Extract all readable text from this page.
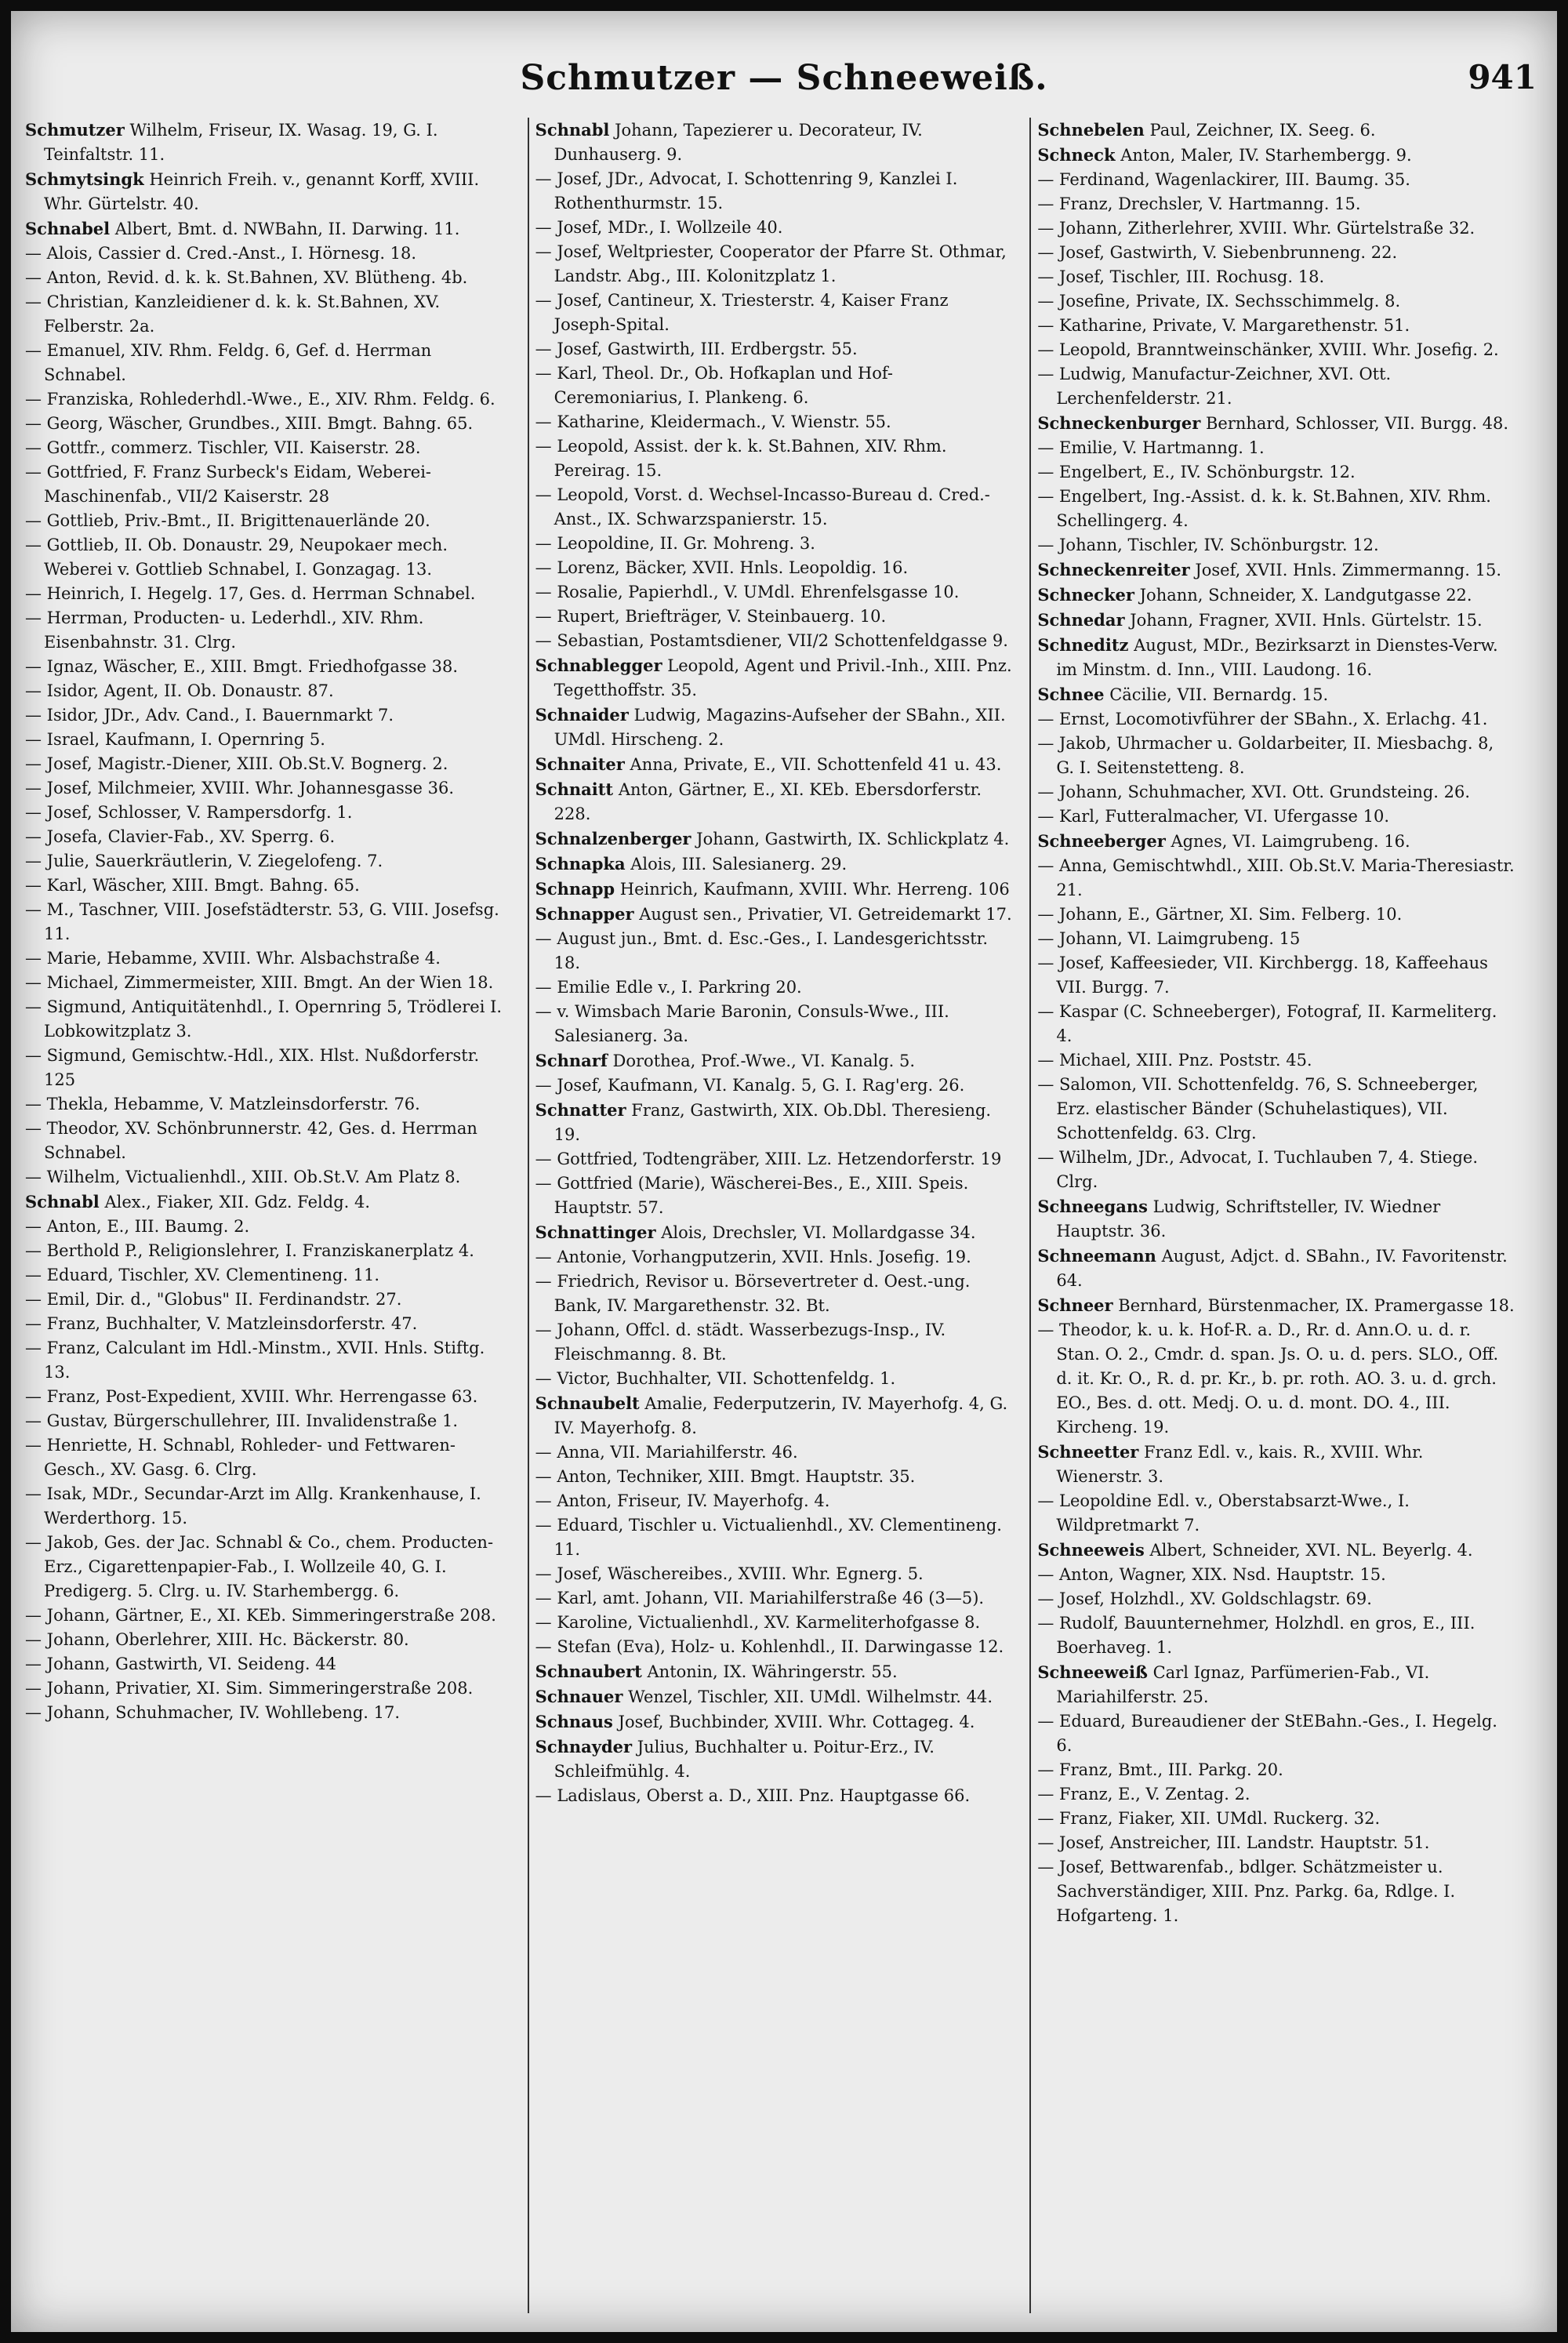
Schmutzer — Schneeweiß.	941

Schmutzer Wilhelm, Friseur, IX. Wasag. 19, G. I. Teinfaltstr. 11.

Schmytsingk Heinrich Freih. v., genannt Korff, XVIII. Whr. Gürtelstr. 40.

Schnabel Albert, Bmt. d. NWBahn, II. Darwing. 11.

— Alois, Cassier d. Cred.-Anst., I. Hörnesg. 18.

— Anton, Revid. d. k. k. St.Bahnen, XV. Blütheng. 4b.

— Christian, Kanzleidiener d. k. k. St.Bahnen, XV. Felberstr. 2a.

— Emanuel, XIV. Rhm. Feldg. 6, Gef. d. Herrman Schnabel.

— Franziska, Rohlederhdl.-Wwe., E., XIV. Rhm. Feldg. 6.

— Georg, Wäscher, Grundbes., XIII. Bmgt. Bahng. 65.

— Gottfr., commerz. Tischler, VII. Kaiserstr. 28.

— Gottfried, F. Franz Surbeck's Eidam, Weberei-Maschinenfab., VII/2 Kaiserstr. 28

— Gottlieb, Priv.-Bmt., II. Brigittenauerlände 20.

— Gottlieb, II. Ob. Donaustr. 29, Neupokaer mech. Weberei v. Gottlieb Schnabel, I. Gonzagag. 13.

— Heinrich, I. Hegelg. 17, Ges. d. Herrman Schnabel.

— Herrman, Producten- u. Lederhdl., XIV. Rhm. Eisenbahnstr. 31. Clrg.

— Ignaz, Wäscher, E., XIII. Bmgt. Friedhofgasse 38.

— Isidor, Agent, II. Ob. Donaustr. 87.

— Isidor, JDr., Adv. Cand., I. Bauernmarkt 7.

— Israel, Kaufmann, I. Opernring 5.

— Josef, Magistr.-Diener, XIII. Ob.St.V. Bognerg. 2.

— Josef, Milchmeier, XVIII. Whr. Johannesgasse 36.

— Josef, Schlosser, V. Rampersdorfg. 1.

— Josefa, Clavier-Fab., XV. Sperrg. 6.

— Julie, Sauerkräutlerin, V. Ziegelofeng. 7.

— Karl, Wäscher, XIII. Bmgt. Bahng. 65.

— M., Taschner, VIII. Josefstädterstr. 53, G. VIII. Josefsg. 11.

— Marie, Hebamme, XVIII. Whr. Alsbachstraße 4.

— Michael, Zimmermeister, XIII. Bmgt. An der Wien 18.

— Sigmund, Antiquitätenhdl., I. Opernring 5, Trödlerei I. Lobkowitzplatz 3.

— Sigmund, Gemischtw.-Hdl., XIX. Hlst. Nußdorferstr. 125

— Thekla, Hebamme, V. Matzleinsdorferstr. 76.

— Theodor, XV. Schönbrunnerstr. 42, Ges. d. Herrman Schnabel.

— Wilhelm, Victualienhdl., XIII. Ob.St.V. Am Platz 8.

Schnabl Alex., Fiaker, XII. Gdz. Feldg. 4.

— Anton, E., III. Baumg. 2.

— Berthold P., Religionslehrer, I. Franziskanerplatz 4.

— Eduard, Tischler, XV. Clementineng. 11.

— Emil, Dir. d., "Globus" II. Ferdinandstr. 27.

— Franz, Buchhalter, V. Matzleinsdorferstr. 47.

— Franz, Calculant im Hdl.-Minstm., XVII. Hnls. Stiftg. 13.

— Franz, Post-Expedient, XVIII. Whr. Herrengasse 63.

— Gustav, Bürgerschullehrer, III. Invalidenstraße 1.

— Henriette, H. Schnabl, Rohleder- und Fettwaren-Gesch., XV. Gasg. 6. Clrg.

— Isak, MDr., Secundar-Arzt im Allg. Krankenhause, I. Werderthorg. 15.

— Jakob, Ges. der Jac. Schnabl & Co., chem. Producten-Erz., Cigarettenpapier-Fab., I. Wollzeile 40, G. I. Predigerg. 5. Clrg. u. IV. Starhembergg. 6.

— Johann, Gärtner, E., XI. KEb. Simmeringerstraße 208.

— Johann, Oberlehrer, XIII. Hc. Bäckerstr. 80.

— Johann, Gastwirth, VI. Seideng. 44

— Johann, Privatier, XI. Sim. Simmeringerstraße 208.

— Johann, Schuhmacher, IV. Wohllebeng. 17.

Schnabl Johann, Tapezierer u. Decorateur, IV. Dunhauserg. 9.

— Josef, JDr., Advocat, I. Schottenring 9, Kanzlei I. Rothenthurmstr. 15.

— Josef, MDr., I. Wollzeile 40.

— Josef, Weltpriester, Cooperator der Pfarre St. Othmar, Landstr. Abg., III. Kolonitzplatz 1.

— Josef, Cantineur, X. Triesterstr. 4, Kaiser Franz Joseph-Spital.

— Josef, Gastwirth, III. Erdbergstr. 55.

— Karl, Theol. Dr., Ob. Hofkaplan und Hof-Ceremoniarius, I. Plankeng. 6.

— Katharine, Kleidermach., V. Wienstr. 55.

— Leopold, Assist. der k. k. St.Bahnen, XIV. Rhm. Pereirag. 15.

— Leopold, Vorst. d. Wechsel-Incasso-Bureau d. Cred.-Anst., IX. Schwarzspanierstr. 15.

— Leopoldine, II. Gr. Mohreng. 3.

— Lorenz, Bäcker, XVII. Hnls. Leopoldig. 16.

— Rosalie, Papierhdl., V. UMdl. Ehrenfelsgasse 10.

— Rupert, Briefträger, V. Steinbauerg. 10.

— Sebastian, Postamtsdiener, VII/2 Schottenfeldgasse 9.

Schnablegger Leopold, Agent und Privil.-Inh., XIII. Pnz. Tegetthoffstr. 35.

Schnaider Ludwig, Magazins-Aufseher der SBahn., XII. UMdl. Hirscheng. 2.

Schnaiter Anna, Private, E., VII. Schottenfeld 41 u. 43.

Schnaitt Anton, Gärtner, E., XI. KEb. Ebersdorferstr. 228.

Schnalzenberger Johann, Gastwirth, IX. Schlickplatz 4.

Schnapka Alois, III. Salesianerg. 29.

Schnapp Heinrich, Kaufmann, XVIII. Whr. Herreng. 106

Schnapper August sen., Privatier, VI. Getreidemarkt 17.

— August jun., Bmt. d. Esc.-Ges., I. Landesgerichtsstr. 18.

— Emilie Edle v., I. Parkring 20.

— v. Wimsbach Marie Baronin, Consuls-Wwe., III. Salesianerg. 3a.

Schnarf Dorothea, Prof.-Wwe., VI. Kanalg. 5.

— Josef, Kaufmann, VI. Kanalg. 5, G. I. Rag'erg. 26.

Schnatter Franz, Gastwirth, XIX. Ob.Dbl. Theresieng. 19.

— Gottfried, Todtengräber, XIII. Lz. Hetzendorferstr. 19

— Gottfried (Marie), Wäscherei-Bes., E., XIII. Speis. Hauptstr. 57.

Schnattinger Alois, Drechsler, VI. Mollardgasse 34.

— Antonie, Vorhangputzerin, XVII. Hnls. Josefig. 19.

— Friedrich, Revisor u. Börsevertreter d. Oest.-ung. Bank, IV. Margarethenstr. 32. Bt.

— Johann, Offcl. d. städt. Wasserbezugs-Insp., IV. Fleischmanng. 8. Bt.

— Victor, Buchhalter, VII. Schottenfeldg. 1.

Schnaubelt Amalie, Federputzerin, IV. Mayerhofg. 4, G. IV. Mayerhofg. 8.

— Anna, VII. Mariahilferstr. 46.

— Anton, Techniker, XIII. Bmgt. Hauptstr. 35.

— Anton, Friseur, IV. Mayerhofg. 4.

— Eduard, Tischler u. Victualienhdl., XV. Clementineng. 11.

— Josef, Wäschereibes., XVIII. Whr. Egnerg. 5.

— Karl, amt. Johann, VII. Mariahilferstraße 46 (3—5).

— Karoline, Victualienhdl., XV. Karmeliterhofgasse 8.

— Stefan (Eva), Holz- u. Kohlenhdl., II. Darwingasse 12.

Schnaubert Antonin, IX. Währingerstr. 55.

Schnauer Wenzel, Tischler, XII. UMdl. Wilhelmstr. 44.

Schnaus Josef, Buchbinder, XVIII. Whr. Cottageg. 4.

Schnayder Julius, Buchhalter u. Poitur-Erz., IV. Schleifmühlg. 4.

— Ladislaus, Oberst a. D., XIII. Pnz. Hauptgasse 66.

Schnebelen Paul, Zeichner, IX. Seeg. 6.

Schneck Anton, Maler, IV. Starhembergg. 9.

— Ferdinand, Wagenlackirer, III. Baumg. 35.

— Franz, Drechsler, V. Hartmanng. 15.

— Johann, Zitherlehrer, XVIII. Whr. Gürtelstraße 32.

— Josef, Gastwirth, V. Siebenbrunneng. 22.

— Josef, Tischler, III. Rochusg. 18.

— Josefine, Private, IX. Sechsschimmelg. 8.

— Katharine, Private, V. Margarethenstr. 51.

— Leopold, Branntweinschänker, XVIII. Whr. Josefig. 2.

— Ludwig, Manufactur-Zeichner, XVI. Ott. Lerchenfelderstr. 21.

Schneckenburger Bernhard, Schlosser, VII. Burgg. 48.

— Emilie, V. Hartmanng. 1.

— Engelbert, E., IV. Schönburgstr. 12.

— Engelbert, Ing.-Assist. d. k. k. St.Bahnen, XIV. Rhm. Schellingerg. 4.

— Johann, Tischler, IV. Schönburgstr. 12.

Schneckenreiter Josef, XVII. Hnls. Zimmermanng. 15.

Schnecker Johann, Schneider, X. Landgutgasse 22.

Schnedar Johann, Fragner, XVII. Hnls. Gürtelstr. 15.

Schneditz August, MDr., Bezirksarzt in Dienstes-Verw. im Minstm. d. Inn., VIII. Laudong. 16.

Schnee Cäcilie, VII. Bernardg. 15.

— Ernst, Locomotivführer der SBahn., X. Erlachg. 41.

— Jakob, Uhrmacher u. Goldarbeiter, II. Miesbachg. 8, G. I. Seitenstetteng. 8.

— Johann, Schuhmacher, XVI. Ott. Grundsteing. 26.

— Karl, Futteralmacher, VI. Ufergasse 10.

Schneeberger Agnes, VI. Laimgrubeng. 16.

— Anna, Gemischtwhdl., XIII. Ob.St.V. Maria-Theresiastr. 21.

— Johann, E., Gärtner, XI. Sim. Felberg. 10.

— Johann, VI. Laimgrubeng. 15

— Josef, Kaffeesieder, VII. Kirchbergg. 18, Kaffeehaus VII. Burgg. 7.

— Kaspar (C. Schneeberger), Fotograf, II. Karmeliterg. 4.

— Michael, XIII. Pnz. Poststr. 45.

— Salomon, VII. Schottenfeldg. 76, S. Schneeberger, Erz. elastischer Bänder (Schuhelastiques), VII. Schottenfeldg. 63. Clrg.

— Wilhelm, JDr., Advocat, I. Tuchlauben 7, 4. Stiege. Clrg.

Schneegans Ludwig, Schriftsteller, IV. Wiedner Hauptstr. 36.

Schneemann August, Adjct. d. SBahn., IV. Favoritenstr. 64.

Schneer Bernhard, Bürstenmacher, IX. Pramergasse 18.

— Theodor, k. u. k. Hof-R. a. D., Rr. d. Ann.O. u. d. r. Stan. O. 2., Cmdr. d. span. Js. O. u. d. pers. SLO., Off. d. it. Kr. O., R. d. pr. Kr., b. pr. roth. AO. 3. u. d. grch. EO., Bes. d. ott. Medj. O. u. d. mont. DO. 4., III. Kircheng. 19.

Schneetter Franz Edl. v., kais. R., XVIII. Whr. Wienerstr. 3.

— Leopoldine Edl. v., Oberstabsarzt-Wwe., I. Wildpretmarkt 7.

Schneeweis Albert, Schneider, XVI. NL. Beyerlg. 4.

— Anton, Wagner, XIX. Nsd. Hauptstr. 15.

— Josef, Holzhdl., XV. Goldschlagstr. 69.

— Rudolf, Bauunternehmer, Holzhdl. en gros, E., III. Boerhaveg. 1.

Schneeweiß Carl Ignaz, Parfümerien-Fab., VI. Mariahilferstr. 25.

— Eduard, Bureaudiener der StEBahn.-Ges., I. Hegelg. 6.

— Franz, Bmt., III. Parkg. 20.

— Franz, E., V. Zentag. 2.

— Franz, Fiaker, XII. UMdl. Ruckerg. 32.

— Josef, Anstreicher, III. Landstr. Hauptstr. 51.

— Josef, Bettwarenfab., bdlger. Schätzmeister u. Sachverständiger, XIII. Pnz. Parkg. 6a, Rdlge. I. Hofgarteng. 1.
